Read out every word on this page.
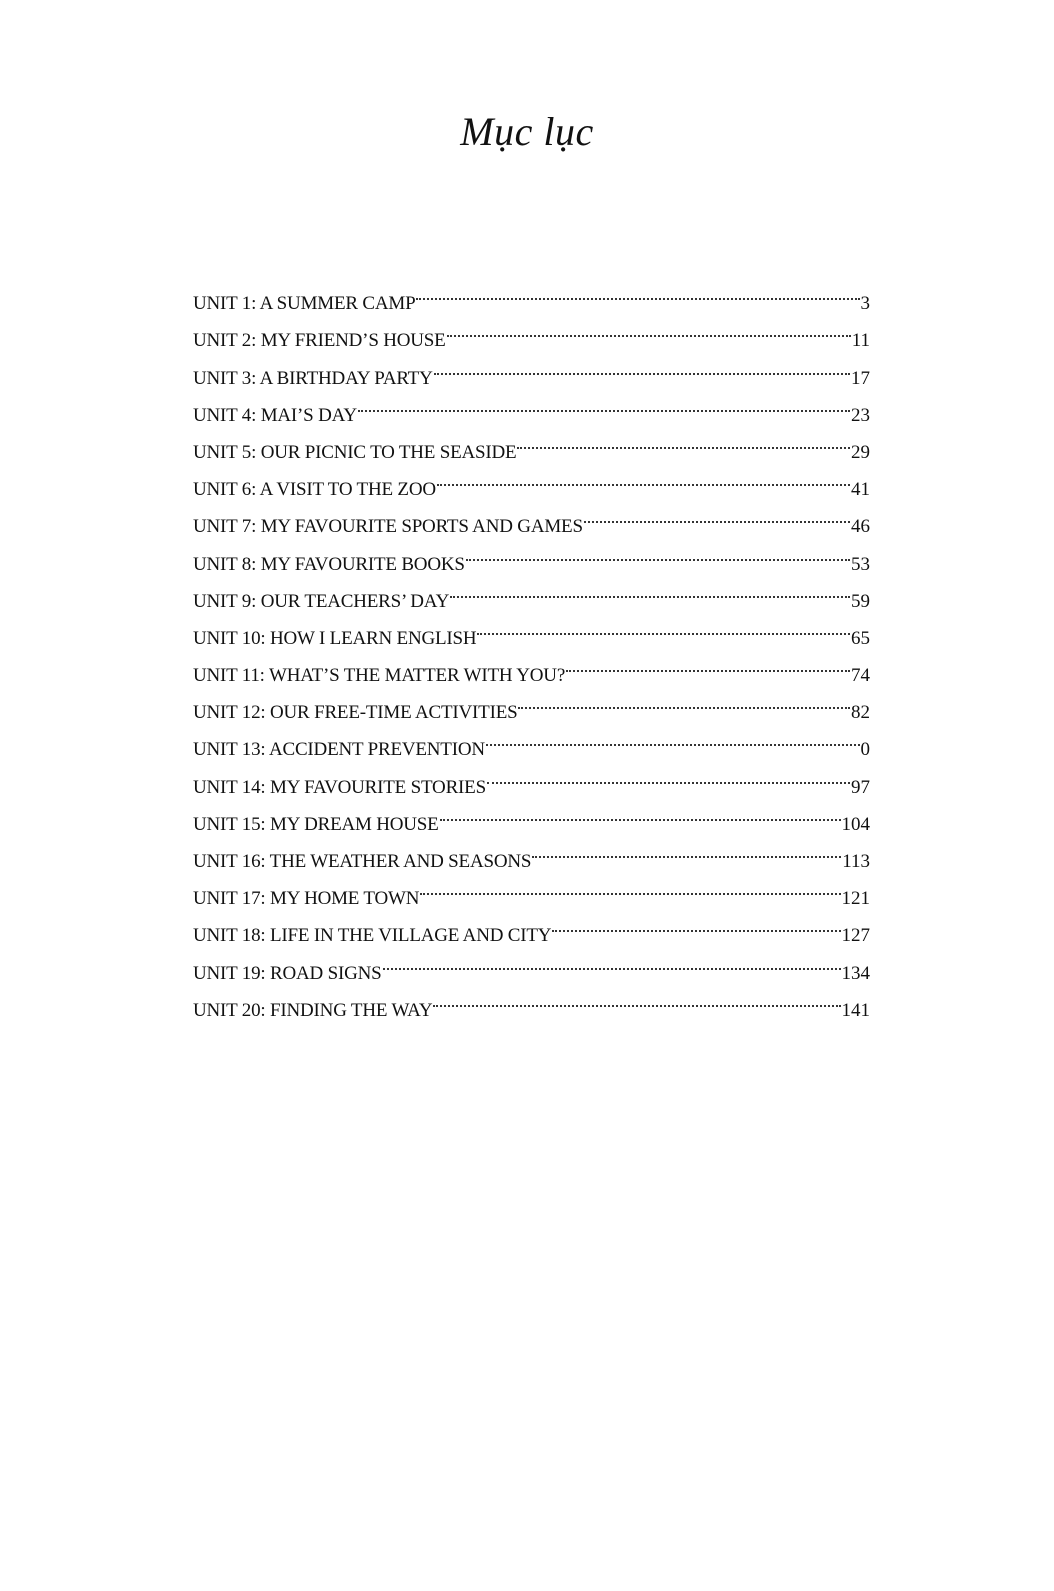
Mục lục
UNIT 1: A SUMMER CAMP	3
UNIT 2: MY FRIEND’S HOUSE	11
UNIT 3: A BIRTHDAY PARTY	17
UNIT 4: MAI’S DAY	23
UNIT 5: OUR PICNIC TO THE SEASIDE	29
UNIT 6: A VISIT TO THE ZOO	41
UNIT 7: MY FAVOURITE SPORTS AND GAMES	46
UNIT 8: MY FAVOURITE BOOKS	53
UNIT 9: OUR TEACHERS’ DAY	59
UNIT 10: HOW I LEARN ENGLISH	65
UNIT 11: WHAT’S THE MATTER WITH YOU?	74
UNIT 12: OUR FREE-TIME ACTIVITIES	82
UNIT 13: ACCIDENT PREVENTION	0
UNIT 14: MY FAVOURITE STORIES	97
UNIT 15: MY DREAM HOUSE	104
UNIT 16: THE WEATHER AND SEASONS	113
UNIT 17: MY HOME TOWN	121
UNIT 18: LIFE IN THE VILLAGE AND CITY	127
UNIT 19: ROAD SIGNS	134
UNIT 20: FINDING THE WAY	141
